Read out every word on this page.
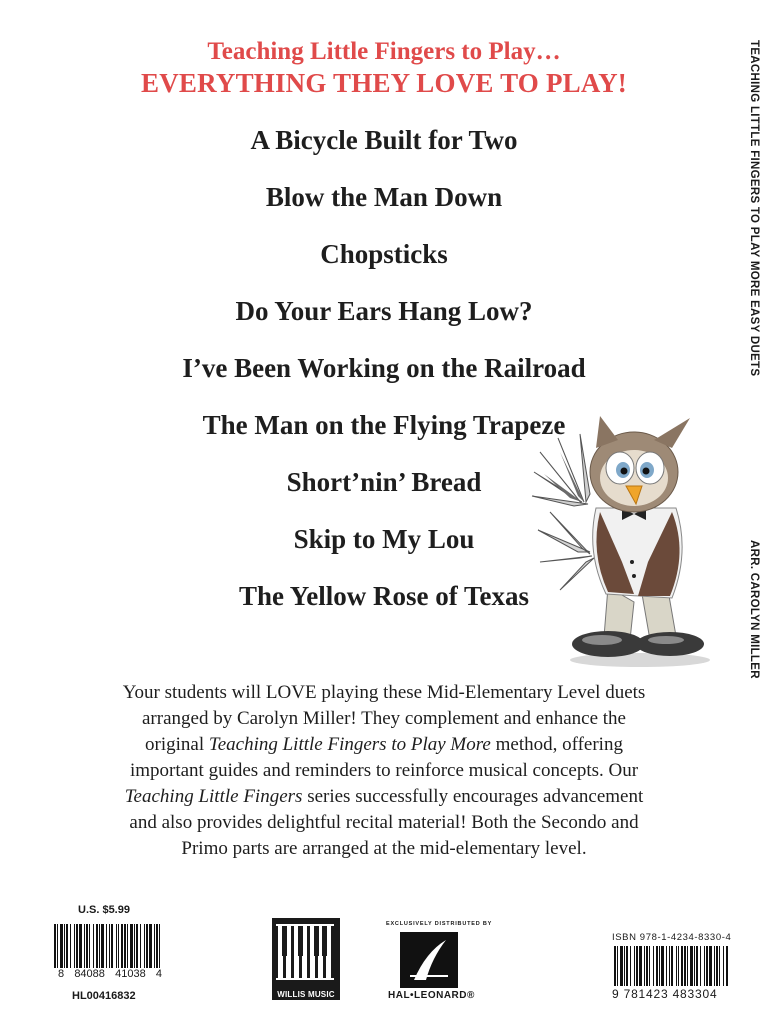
Teaching Little Fingers to Play…
EVERYTHING THEY LOVE TO PLAY!
A Bicycle Built for Two
Blow the Man Down
Chopsticks
Do Your Ears Hang Low?
I’ve Been Working on the Railroad
The Man on the Flying Trapeze
Short’nin’ Bread
Skip to My Lou
The Yellow Rose of Texas
TEACHING LITTLE FINGERS TO PLAY MORE EASY DUETS
ARR. CAROLYN MILLER
Your students will LOVE playing these Mid-Elementary Level duets
arranged by Carolyn Miller! They complement and enhance the
original Teaching Little Fingers to Play More method, offering
important guides and reminders to reinforce musical concepts. Our
Teaching Little Fingers series successfully encourages advancement
and also provides delightful recital material! Both the Secondo and
Primo parts are arranged at the mid-elementary level.
U.S. $5.99
8 84088 41038 4
HL00416832	WILLIS MUSIC
EXCLUSIVELY DISTRIBUTED BY
HAL•LEONARD®
ISBN 978-1-4234-8330-4
9 781423 483304
